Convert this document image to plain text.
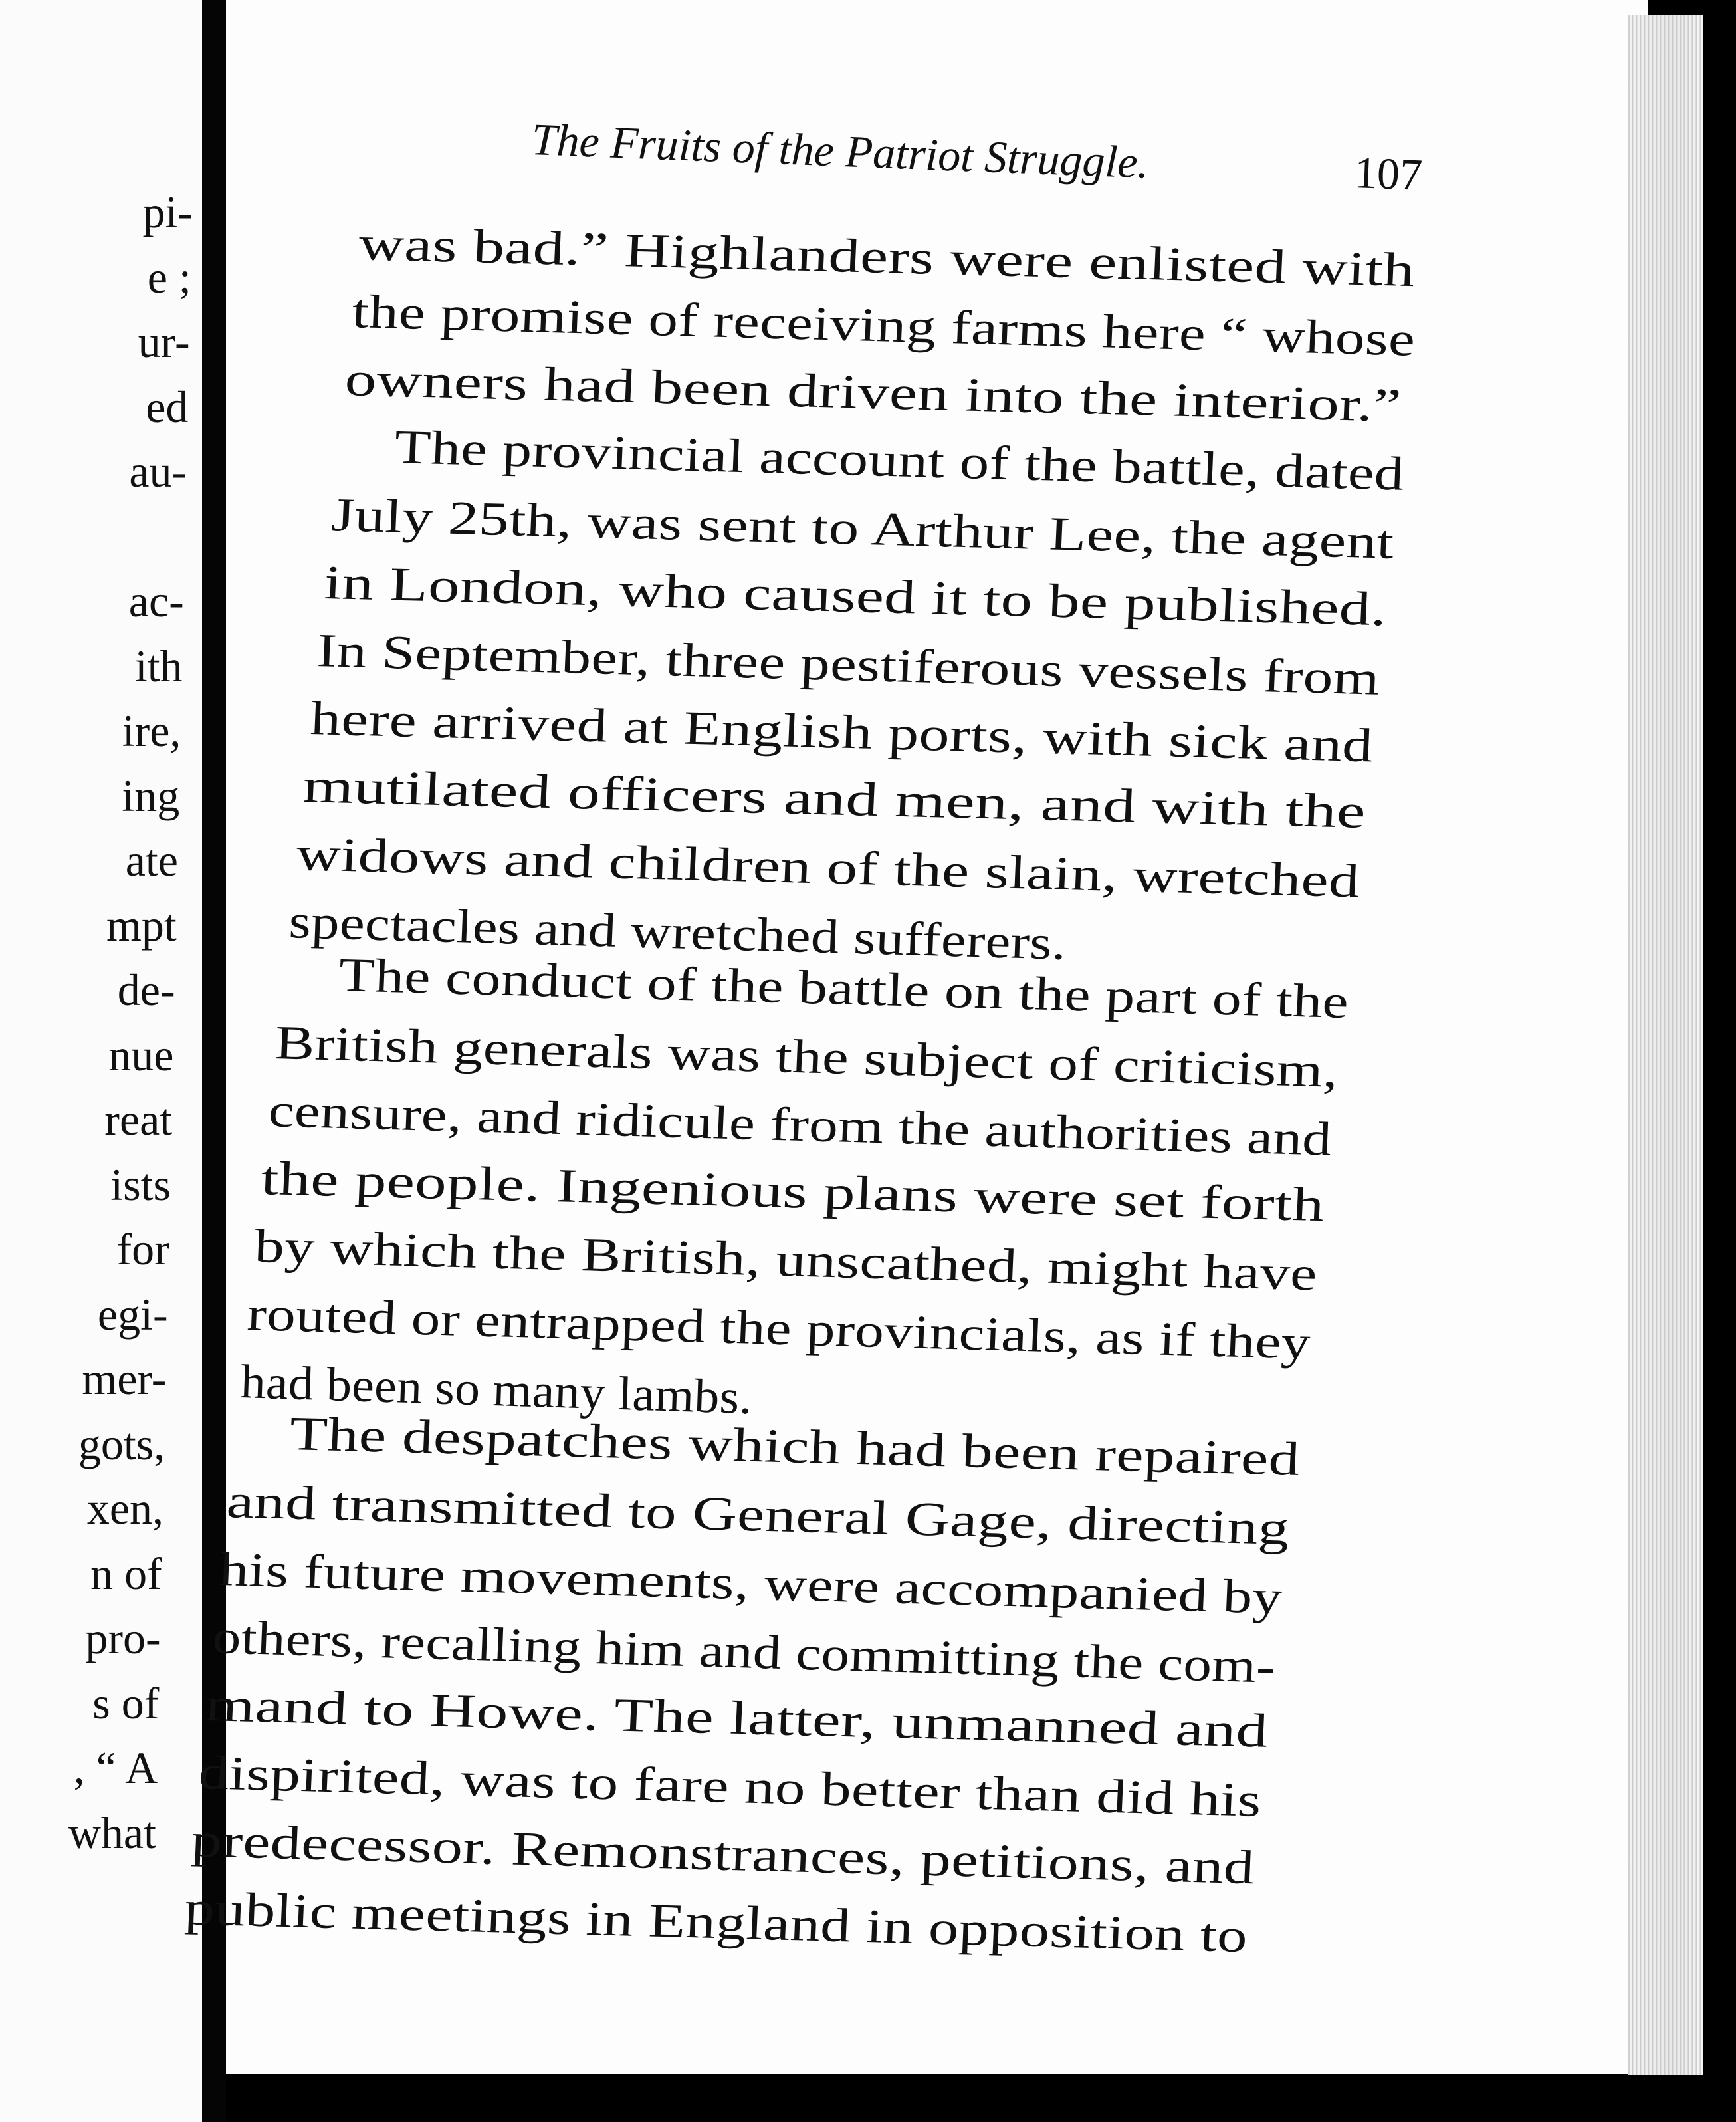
pi-
e ;
ur-
ed
au-
ac-
ith
ire,
ing
ate
mpt
de-
nue
reat
ists
for
egi-
mer-
gots,
xen,
n of
pro-
s of
, “ A
what
The Fruits of the Patriot Struggle.	107
was bad.” Highlanders were enlisted with
the promise of receiving farms here “ whose
owners had been driven into the interior.”
The provincial account of the battle, dated
July 25th, was sent to Arthur Lee, the agent
in London, who caused it to be published.
In September, three pestiferous vessels from
here arrived at English ports, with sick and
mutilated officers and men, and with the
widows and children of the slain, wretched
spectacles and wretched sufferers.
The conduct of the battle on the part of the
British generals was the subject of criticism,
censure, and ridicule from the authorities and
the people. Ingenious plans were set forth
by which the British, unscathed, might have
routed or entrapped the provincials, as if they
had been so many lambs.
The despatches which had been repaired
and transmitted to General Gage, directing
his future movements, were accompanied by
others, recalling him and committing the com-
mand to Howe. The latter, unmanned and
dispirited, was to fare no better than did his
predecessor. Remonstrances, petitions, and
public meetings in England in opposition to
